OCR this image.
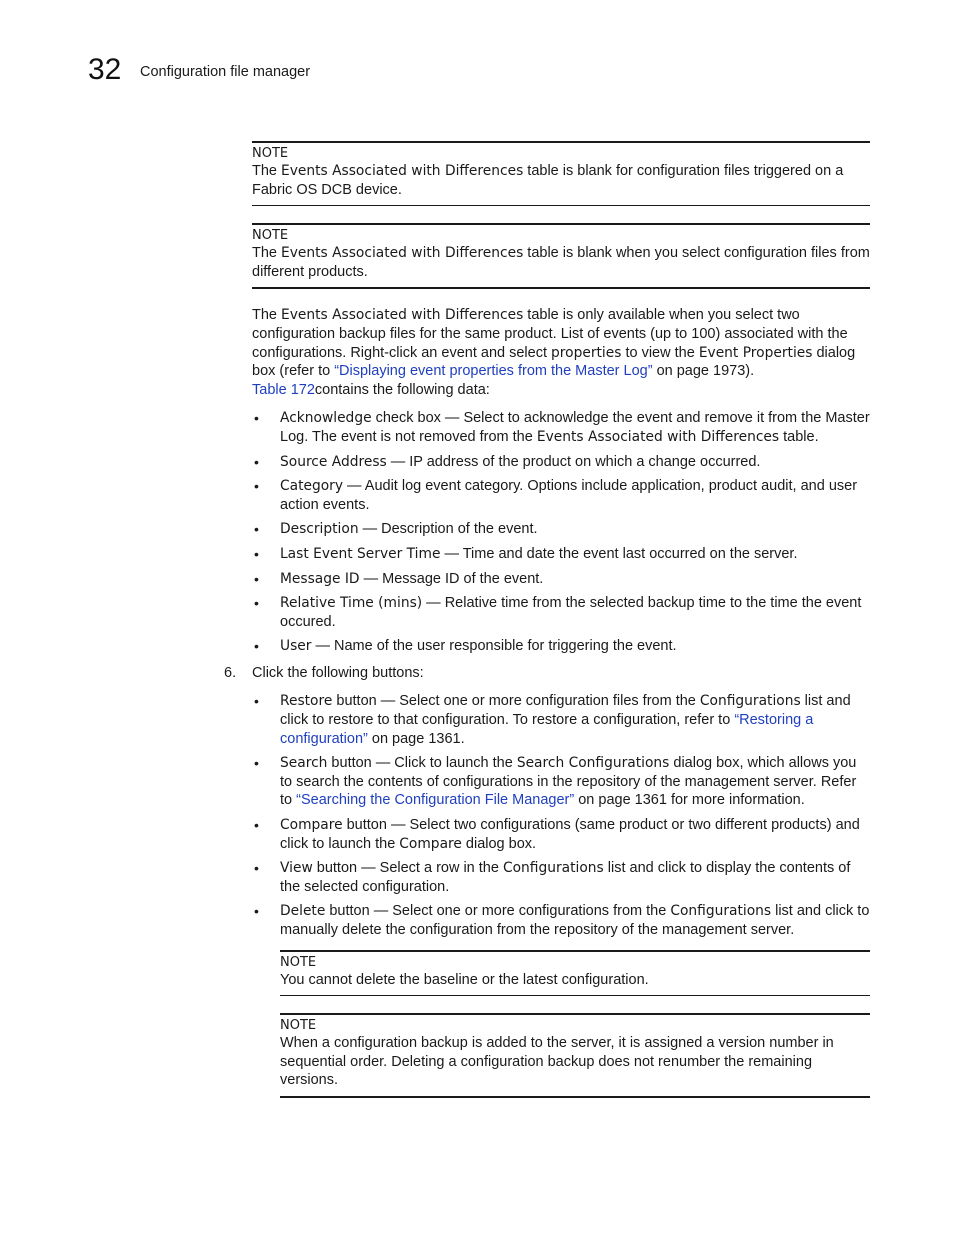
32 Configuration file manager
NOTE

The Events Associated with Differences table is blank for configuration files triggered on a Fabric OS DCB device.

NOTE

The Events Associated with Differences table is blank when you select configuration files from different products.

The Events Associated with Differences table is only available when you select two configuration backup files for the same product. List of events (up to 100) associated with the configurations. Right-click an event and select properties to view the Event Properties dialog box (refer to “Displaying event properties from the Master Log” on page 1973).
Table 172contains the following data:

• Acknowledge check box — Select to acknowledge the event and remove it from the Master Log. The event is not removed from the Events Associated with Differences table.
• Source Address — IP address of the product on which a change occurred.
• Category — Audit log event category. Options include application, product audit, and user action events.
• Description — Description of the event.
• Last Event Server Time — Time and date the event last occurred on the server.
• Message ID — Message ID of the event.
• Relative Time (mins) — Relative time from the selected backup time to the time the event occured.
• User — Name of the user responsible for triggering the event.
6. Click the following buttons:
• Restore button — Select one or more configuration files from the Configurations list and click to restore to that configuration. To restore a configuration, refer to “Restoring a configuration” on page 1361.
• Search button — Click to launch the Search Configurations dialog box, which allows you to search the contents of configurations in the repository of the management server. Refer to “Searching the Configuration File Manager” on page 1361 for more information.
• Compare button — Select two configurations (same product or two different products) and click to launch the Compare dialog box.
• View button — Select a row in the Configurations list and click to display the contents of the selected configuration.
• Delete button — Select one or more configurations from the Configurations list and click to manually delete the configuration from the repository of the management server.
NOTE

You cannot delete the baseline or the latest configuration.

NOTE

When a configuration backup is added to the server, it is assigned a version number in sequential order. Deleting a configuration backup does not renumber the remaining versions.
